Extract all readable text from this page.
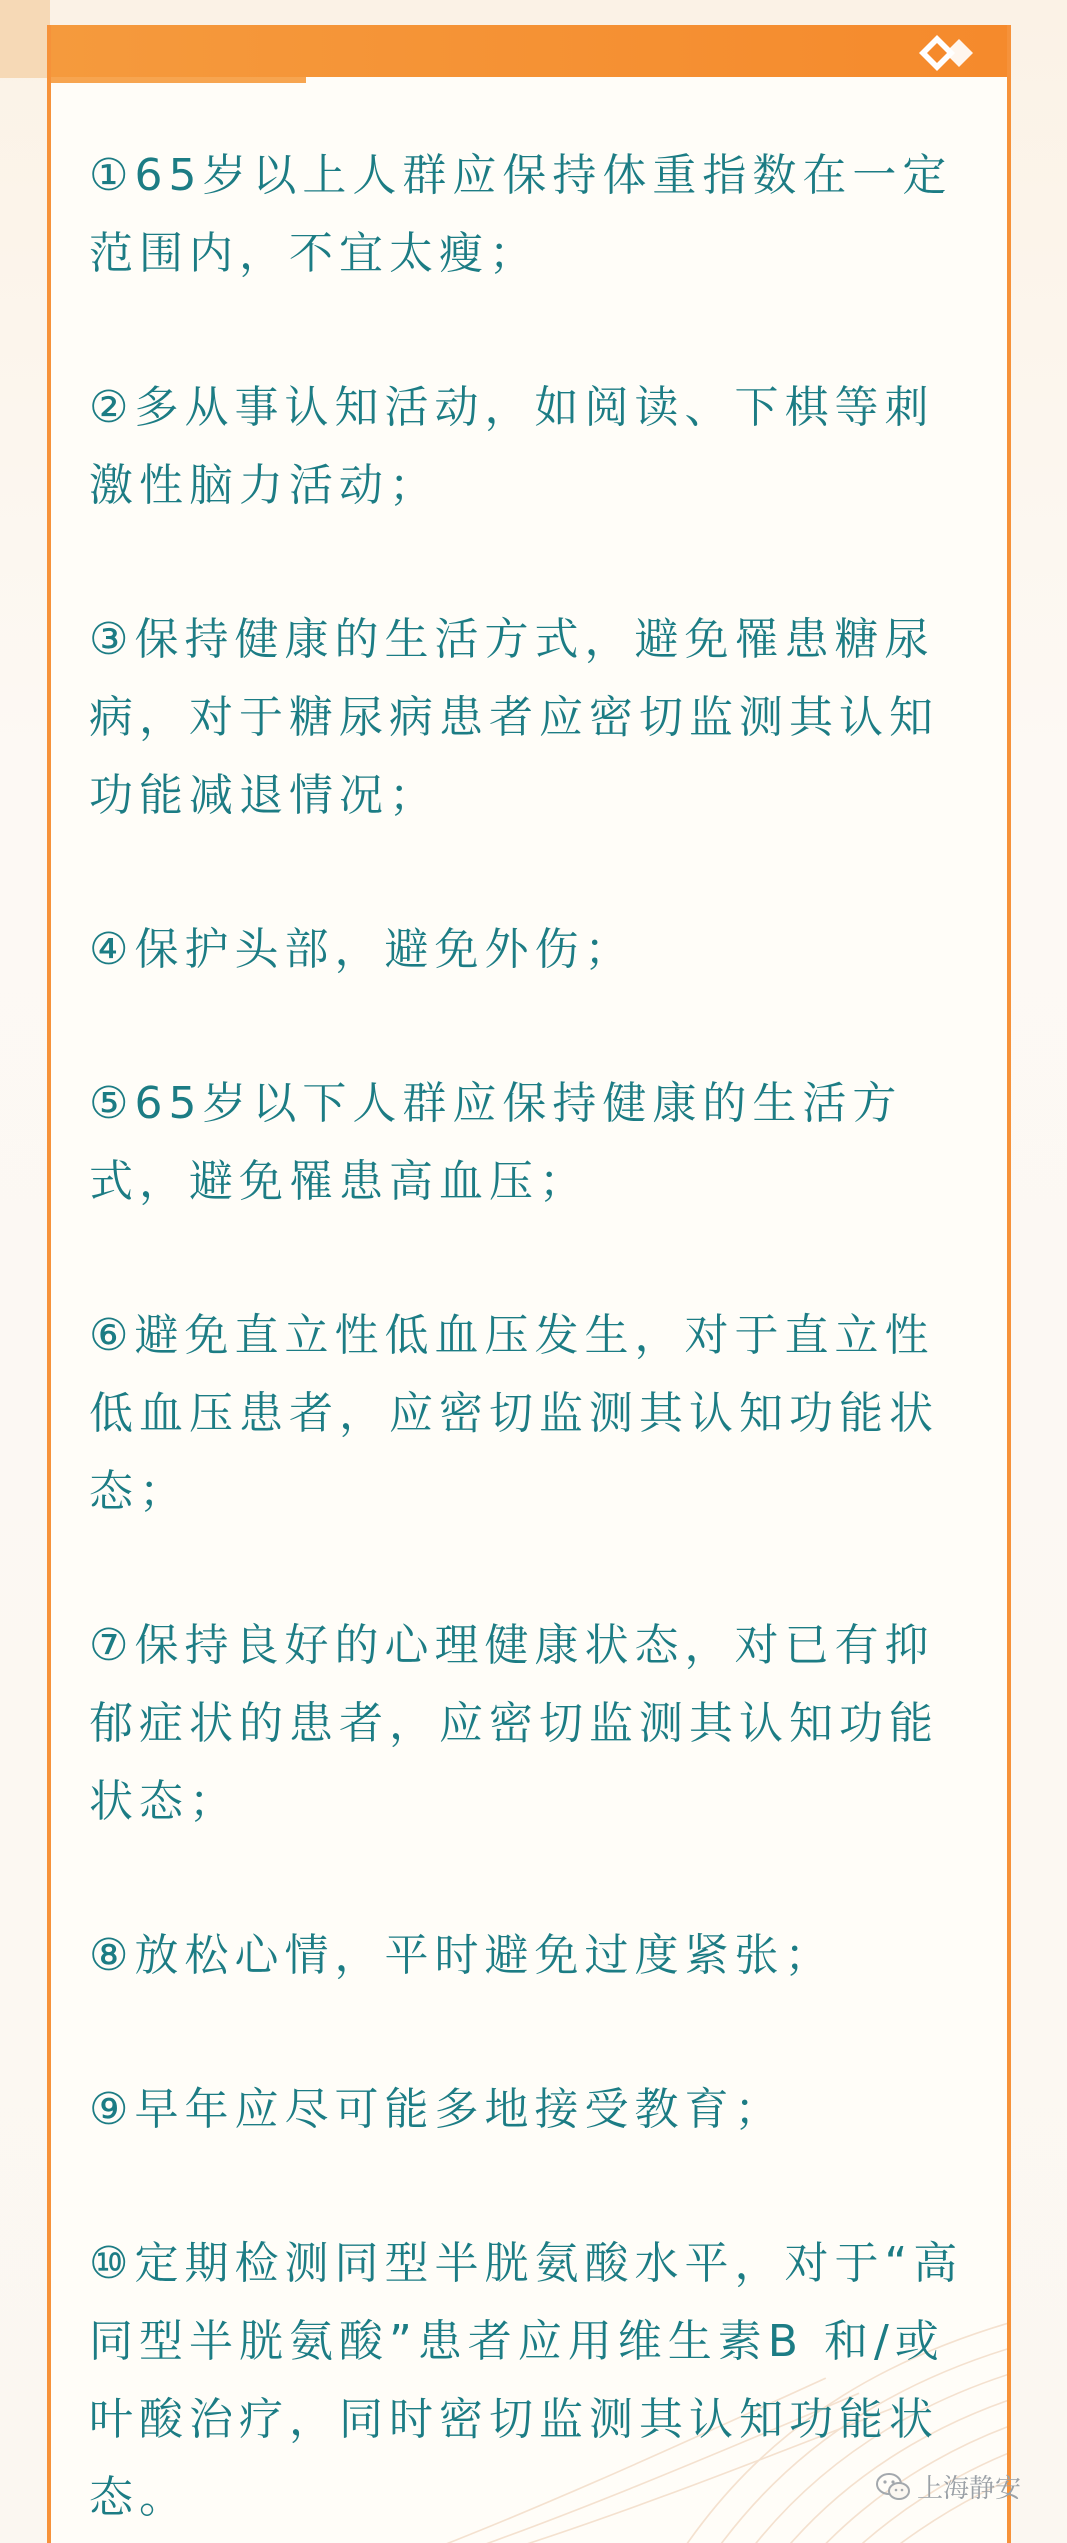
①65岁以上人群应保持体重指数在一定范围内，不宜太瘦；

②多从事认知活动，如阅读、下棋等刺激性脑力活动；

③保持健康的生活方式，避免罹患糖尿病，对于糖尿病患者应密切监测其认知功能减退情况；

④保护头部，避免外伤；

⑤65岁以下人群应保持健康的生活方式，避免罹患高血压；

⑥避免直立性低血压发生，对于直立性低血压患者，应密切监测其认知功能状态；

⑦保持良好的心理健康状态，对已有抑郁症状的患者，应密切监测其认知功能状态；

⑧放松心情，平时避免过度紧张；

⑨早年应尽可能多地接受教育；

⑩定期检测同型半胱氨酸水平，对于“高同型半胱氨酸”患者应用维生素B 和/或叶酸治疗，同时密切监测其认知功能状态。	上海静安
